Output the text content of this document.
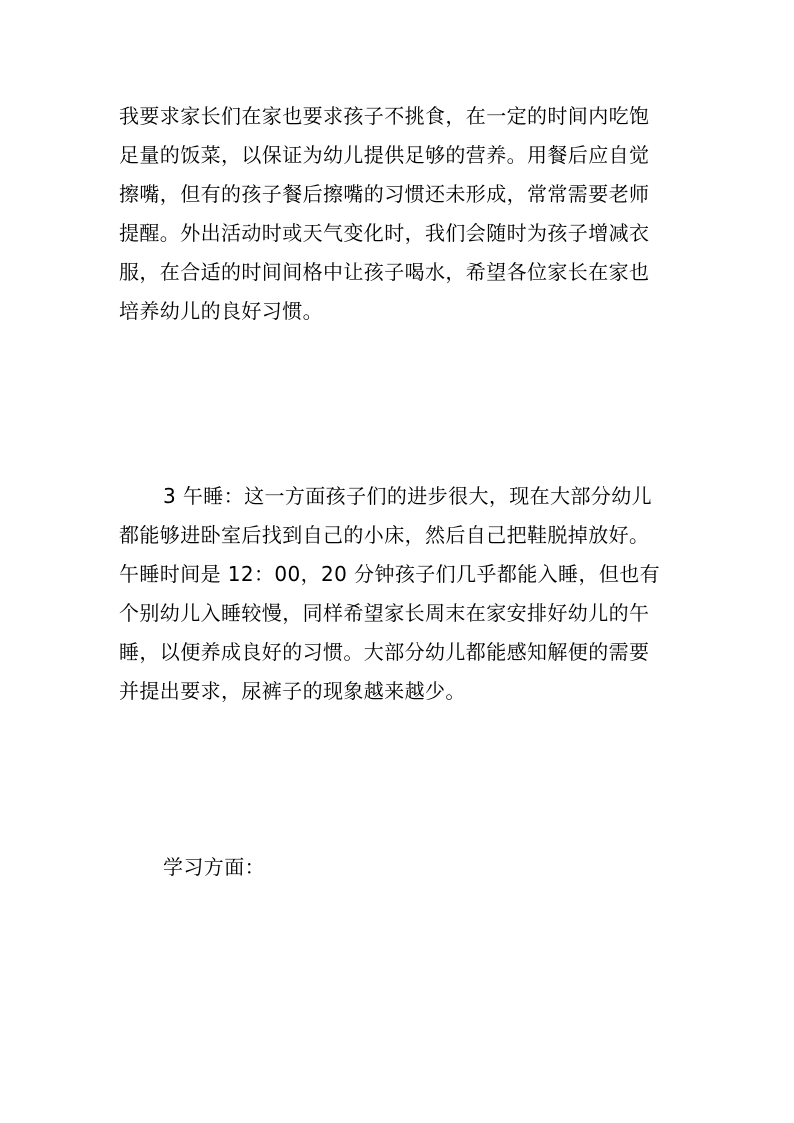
我要求家长们在家也要求孩子不挑食，在一定的时间内吃饱
足量的饭菜，以保证为幼儿提供足够的营养。用餐后应自觉
擦嘴，但有的孩子餐后擦嘴的习惯还未形成，常常需要老师
提醒。外出活动时或天气变化时，我们会随时为孩子增减衣
服，在合适的时间间格中让孩子喝水，希望各位家长在家也
培养幼儿的良好习惯。
3 午睡：这一方面孩子们的进步很大，现在大部分幼儿
都能够进卧室后找到自己的小床，然后自己把鞋脱掉放好。
午睡时间是 12：00，20 分钟孩子们几乎都能入睡，但也有
个别幼儿入睡较慢，同样希望家长周末在家安排好幼儿的午
睡，以便养成良好的习惯。大部分幼儿都能感知解便的需要
并提出要求，尿裤子的现象越来越少。
学习方面：
